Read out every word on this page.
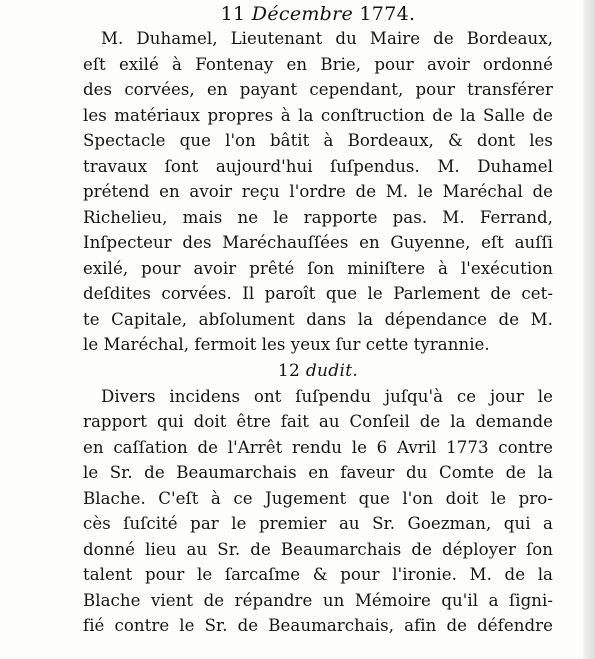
11 Décembre 1774.
M. Duhamel, Lieutenant du Maire de Bordeaux,
eſt exilé à Fontenay en Brie, pour avoir ordonné
des corvées, en payant cependant, pour transférer
les matériaux propres à la conſtruction de la Salle de
Spectacle que l'on bâtit à Bordeaux, & dont les
travaux ſont aujourd'hui ſuſpendus. M. Duhamel
prétend en avoir reçu l'ordre de M. le Maréchal de
Richelieu, mais ne le rapporte pas. M. Ferrand,
Inſpecteur des Maréchauſſées en Guyenne, eſt auſſi
exilé, pour avoir prêté ſon miniſtere à l'exécution
deſdites corvées. Il paroît que le Parlement de cet-
te Capitale, abſolument dans la dépendance de M.
le Maréchal, fermoit les yeux ſur cette tyrannie.
12 dudit.
Divers incidens ont ſuſpendu juſqu'à ce jour le
rapport qui doit être fait au Conſeil de la demande
en caſſation de l'Arrêt rendu le 6 Avril 1773 contre
le Sr. de Beaumarchais en faveur du Comte de la
Blache. C'eſt à ce Jugement que l'on doit le pro-
cès ſuſcité par le premier au Sr. Goezman, qui a
donné lieu au Sr. de Beaumarchais de déployer ſon
talent pour le ſarcaſme & pour l'ironie. M. de la
Blache vient de répandre un Mémoire qu'il a ſigni-
fié contre le Sr. de Beaumarchais, afin de défendre
